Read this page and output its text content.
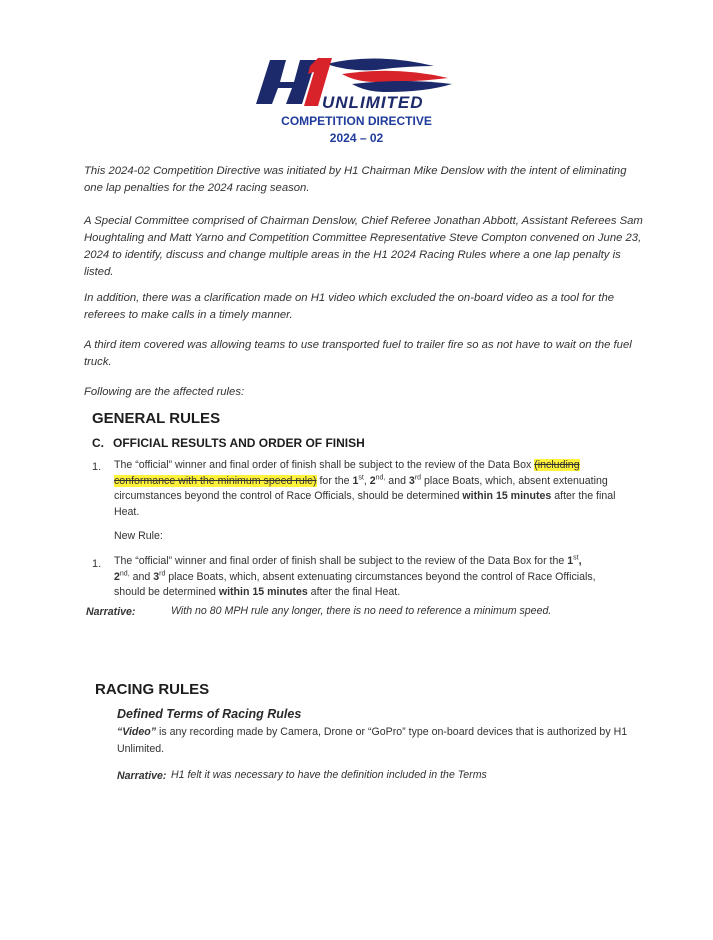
UNLIMITED
COMPETITION DIRECTIVE
2024 – 02

This 2024-02 Competition Directive was initiated by H1 Chairman Mike Denslow with the intent of eliminating one lap penalties for the 2024 racing season.

A Special Committee comprised of Chairman Denslow, Chief Referee Jonathan Abbott, Assistant Referees Sam Houghtaling and Matt Yarno and Competition Committee Representative Steve Compton convened on June 23, 2024 to identify, discuss and change multiple areas in the H1 2024 Racing Rules where a one lap penalty is listed.

In addition, there was a clarification made on H1 video which excluded the on-board video as a tool for the referees to make calls in a timely manner.

A third item covered was allowing teams to use transported fuel to trailer fire so as not have to wait on the fuel truck.

Following are the affected rules:

GENERAL RULES
C. OFFICIAL RESULTS AND ORDER OF FINISH
1. The “official” winner and final order of finish shall be subject to the review of the Data Box (including conformance with the minimum speed rule) for the 1st, $2^{nd,}$ and 3rd place Boats, which, absent extenuating circumstances beyond the control of Race Officials, should be determined within 15 minutes after the final Heat.

New Rule:
1. The “official” winner and final order of finish shall be subject to the review of the Data Box for the 1st,
$2^{nd,}$ and 3rd place Boats, which, absent extenuating circumstances beyond the control of Race Officials, should be determined within 15 minutes after the final Heat.

Narrative:	With no 80 MPH rule any longer, there is no need to reference a minimum speed.
RACING RULES
Defined Terms of Racing Rules

“Video” is any recording made by Camera, Drone or “GoPro” type on-board devices that is authorized by H1 Unlimited.

Narrative: H1 felt it was necessary to have the definition included in the Terms
